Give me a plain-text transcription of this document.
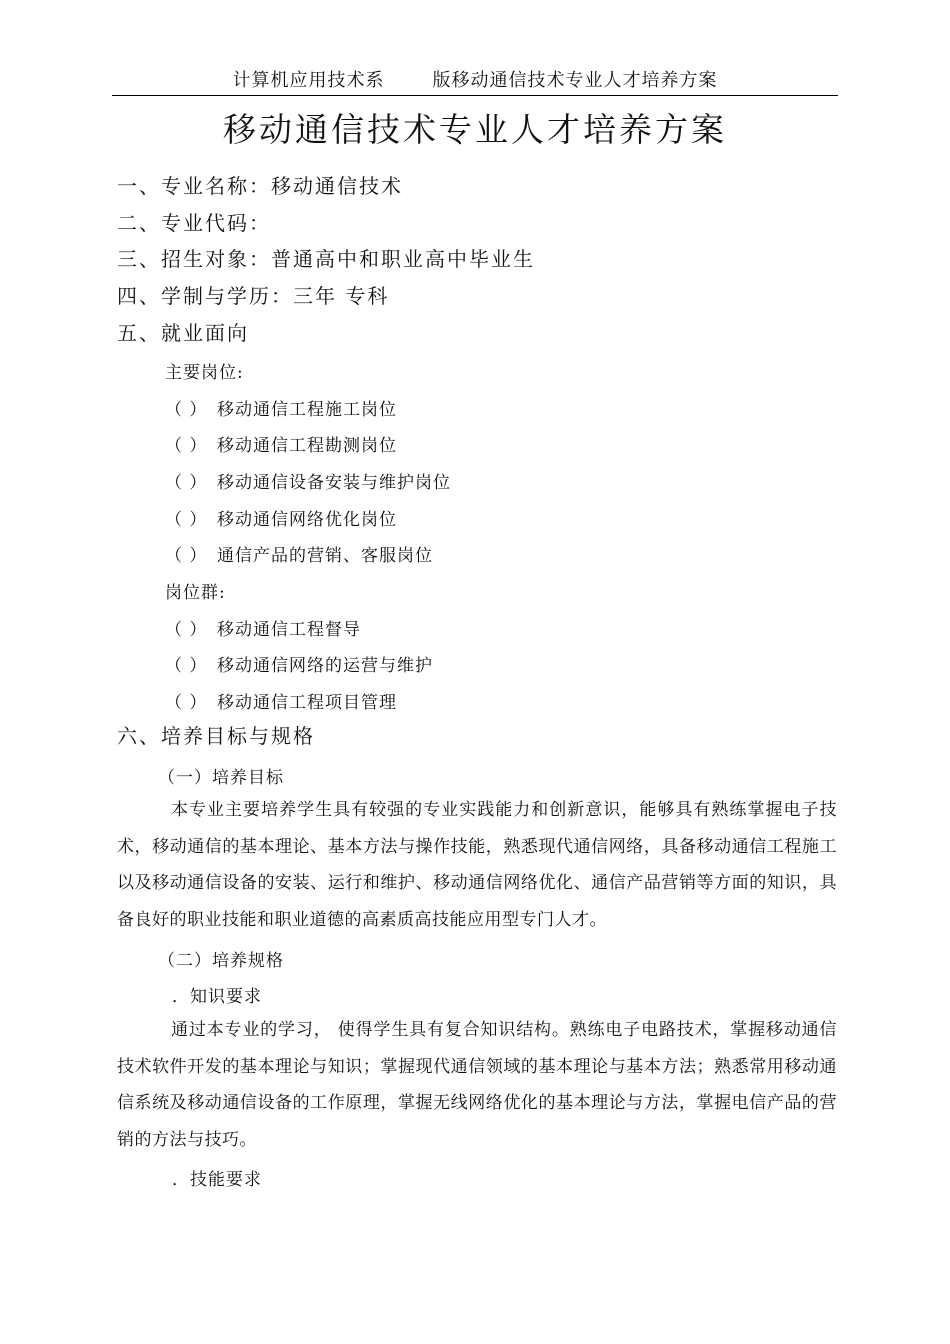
计算机应用技术系	版移动通信技术专业人才培养方案
移动通信技术专业人才培养方案
一、专业名称：移动通信技术
二、专业代码：
三、招生对象：普通高中和职业高中毕业生
四、学制与学历：三年 专科
五、就业面向
主要岗位:
（ ） 移动通信工程施工岗位
（ ） 移动通信工程勘测岗位
（ ） 移动通信设备安装与维护岗位
（ ） 移动通信网络优化岗位
（ ） 通信产品的营销、客服岗位
岗位群:
（ ） 移动通信工程督导
（ ） 移动通信网络的运营与维护
（ ） 移动通信工程项目管理
六、培养目标与规格
（一）培养目标

本专业主要培养学生具有较强的专业实践能力和创新意识，能够具有熟练掌握电子技术，移动通信的基本理论、基本方法与操作技能，熟悉现代通信网络，具备移动通信工程施工以及移动通信设备的安装、运行和维护、移动通信网络优化、通信产品营销等方面的知识，具备良好的职业技能和职业道德的高素质高技能应用型专门人才。

（二）培养规格
．知识要求

通过本专业的学习， 使得学生具有复合知识结构。熟练电子电路技术，掌握移动通信技术软件开发的基本理论与知识；掌握现代通信领域的基本理论与基本方法；熟悉常用移动通信系统及移动通信设备的工作原理，掌握无线网络优化的基本理论与方法，掌握电信产品的营销的方法与技巧。

．技能要求
